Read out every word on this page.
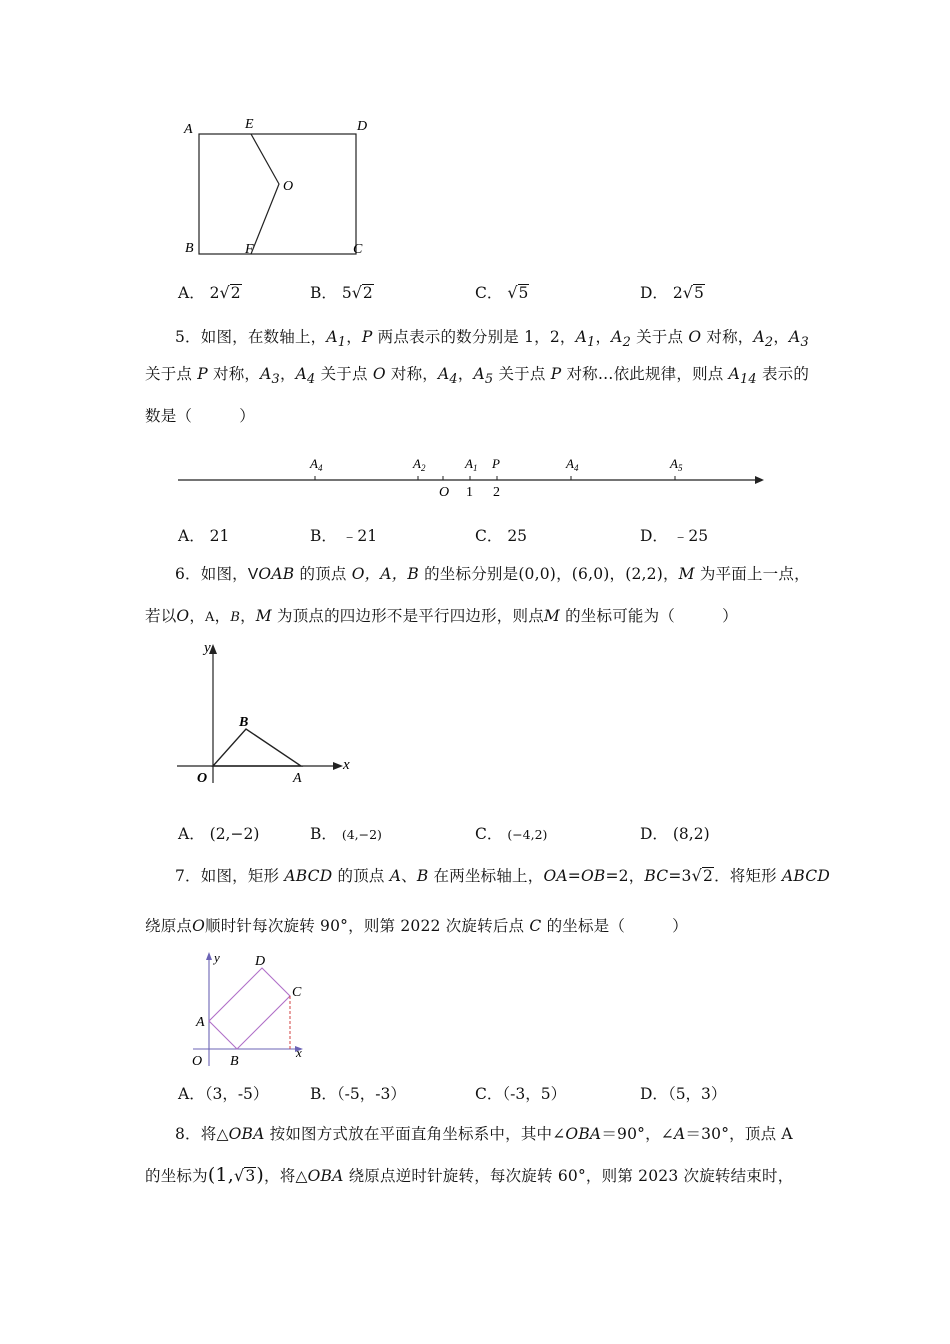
A	E	D
O
B	F	C
A． 2√2	B． 5√2	C． √5	D． 2√5
5．如图，在数轴上，$A_1$，P 两点表示的数分别是 1，2，$A_1$，$A_2$ 关于点 O 对称，$A_2$，$A_3$
关于点 P 对称，$A_3$，$A_4$ 关于点 O 对称，$A_4$，$A_5$ 关于点 P 对称…依此规律，则点 $A_{14}$ 表示的
数是（　　　）
$A_4$	$A_2$
O
$A_1$
1
P
2
$A_4$	$A_5$
A． 21	B． ﹣21	C． 25	D． ﹣25
6．如图，VOAB 的顶点 O，A，B 的坐标分别是(0,0)，(6,0)，(2,2)，M 为平面上一点，
若以O，A，B，M 为顶点的四边形不是平行四边形，则点M 的坐标可能为（　　　）
y
x
O	A
B
A． (2,−2)	B． (4,−2)	C． (−4,2)	D． (8,2)
7．如图，矩形 ABCD 的顶点 A、B 在两坐标轴上，OA=OB=2，BC=3√2．将矩形 ABCD
绕原点O顺时针每次旋转 90°，则第 2022 次旋转后点 C 的坐标是（　　　）
y
x
O
A
B
C
D
A．（3，-5）	B．（-5，-3）	C．（-3，5）	D．（5，3）
8．将△OBA 按如图方式放在平面直角坐标系中，其中∠OBA＝90°，∠A＝30°，顶点 A
的坐标为(1,√3)，将△OBA 绕原点逆时针旋转，每次旋转 60°，则第 2023 次旋转结束时，
